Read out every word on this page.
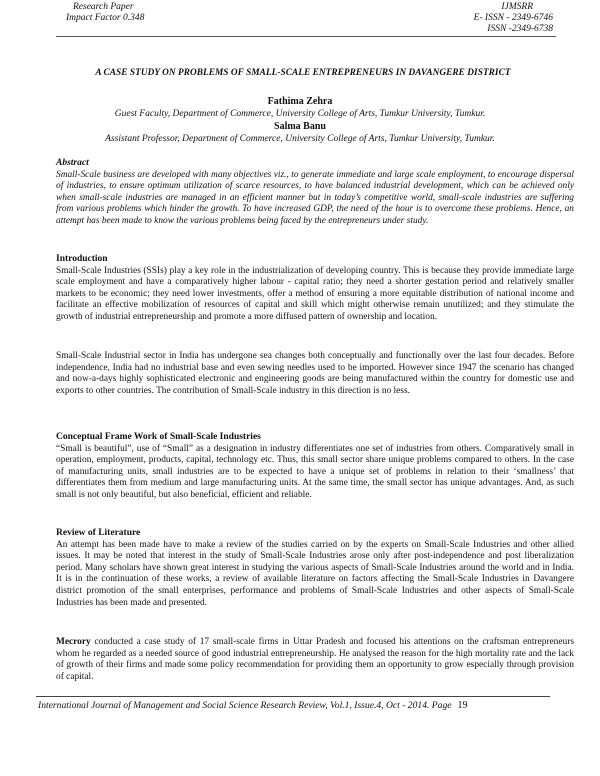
Research Paper
Impact Factor 0.348
IJMSRR
E- ISSN - 2349-6746
ISSN -2349-6738
A CASE STUDY ON PROBLEMS OF SMALL-SCALE ENTREPRENEURS IN DAVANGERE DISTRICT
Fathima Zehra
Guest Faculty, Department of Commerce, University College of Arts, Tumkur University, Tumkur.
Salma Banu
Assistant Professor, Department of Commerce, University College of Arts, Tumkur University, Tumkur.
Abstract
Small-Scale business are developed with many objectives viz., to generate immediate and large scale employment, to encourage dispersal of industries, to ensure optimum utilization of scarce resources, to have balanced industrial development, which can be achieved only when small-scale industries are managed in an efficient manner but in today’s competitive world, small-scale industries are suffering from various problems which hinder the growth. To have increased GDP, the need of the hour is to overcome these problems. Hence, an attempt has been made to know the various problems being faced by the entrepreneurs under study.
Introduction
Small-Scale Industries (SSIs) play a key role in the industrialization of developing country. This is because they provide immediate large scale employment and have a comparatively higher labour - capital ratio; they need a shorter gestation period and relatively smaller markets to be economic; they need lower investments, offer a method of ensuring a more equitable distribution of national income and facilitate an effective mobilization of resources of capital and skill which might otherwise remain unutilized; and they stimulate the growth of industrial entrepreneurship and promote a more diffused pattern of ownership and location.
Small-Scale Industrial sector in India has undergone sea changes both conceptually and functionally over the last four decades. Before independence, India had no industrial base and even sewing needles used to be imported. However since 1947 the scenario has changed and now-a-days highly sophisticated electronic and engineering goods are being manufactured within the country for domestic use and exports to other countries. The contribution of Small-Scale industry in this direction is no less.
Conceptual Frame Work of Small-Scale Industries
“Small is beautiful”, use of “Small” as a designation in industry differentiates one set of industries from others. Comparatively small in operation, employment, products, capital, technology etc. Thus, this small sector share unique problems compared to others. In the case of manufacturing units, small industries are to be expected to have a unique set of problems in relation to their ‘smallness’ that differentiates them from medium and large manufacturing units. At the same time, the small sector has unique advantages. And, as such small is not only beautiful, but also beneficial, efficient and reliable.
Review of Literature
An attempt has been made have to make a review of the studies carried on by the experts on Small-Scale Industries and other allied issues. It may be noted that interest in the study of Small-Scale Industries arose only after post-independence and post liberalization period. Many scholars have shown great interest in studying the various aspects of Small-Scale Industries around the world and in India. It is in the continuation of these works, a review of available literature on factors affecting the Small-Scale Industries in Davangere district promotion of the small enterprises, performance and problems of Small-Scale Industries and other aspects of Small-Scale Industries has been made and presented.
Mecrory conducted a case study of 17 small-scale firms in Uttar Pradesh and focused his attentions on the craftsman entrepreneurs whom he regarded as a needed source of good industrial entrepreneurship. He analysed the reason for the high mortality rate and the lack of growth of their firms and made some policy recommendation for providing them an opportunity to grow especially through provision of capital.
International Journal of Management and Social Science Research Review, Vol.1, Issue.4, Oct - 2014. Page 19
